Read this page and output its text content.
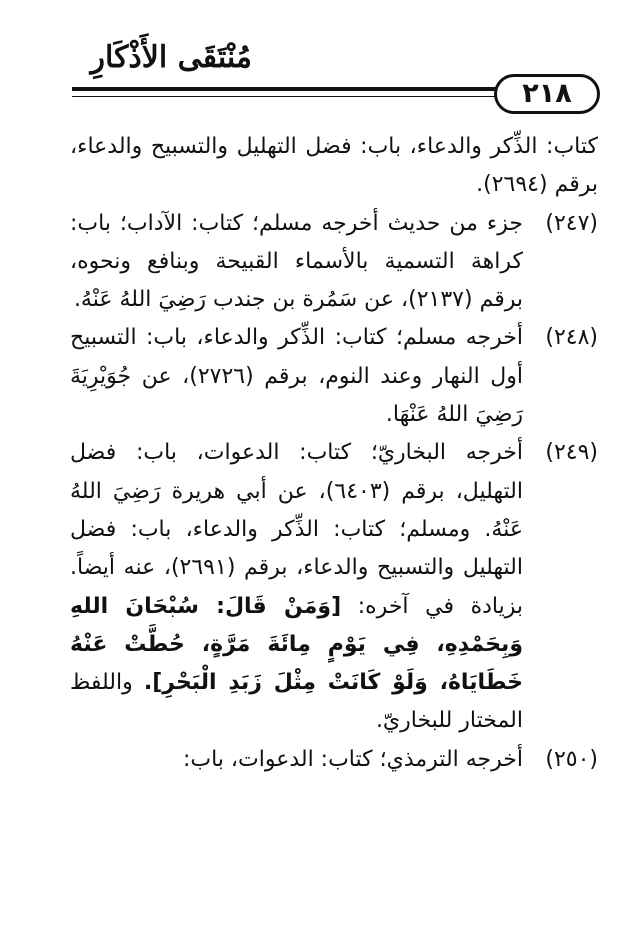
مُنْتَقَى الأَذْكَارِ
٢١٨

كتاب: الذِّكر والدعاء، باب: فضل التهليل والتسبيح والدعاء، برقم (٢٦٩٤).

(٢٤٧)
جزء من حديث أخرجه مسلم؛ كتاب: الآداب؛ باب: كراهة التسمية بالأسماء القبيحة وبنافع ونحوه، برقم (٢١٣٧)، عن سَمُرة بن جندب رَضِيَ اللهُ عَنْهُ.

(٢٤٨)
أخرجه مسلم؛ كتاب: الذِّكر والدعاء، باب: التسبيح أول النهار وعند النوم، برقم (٢٧٢٦)، عن جُوَيْرِيَةَ رَضِيَ اللهُ عَنْهَا.

(٢٤٩)
أخرجه البخاريّ؛ كتاب: الدعوات، باب: فضل التهليل، برقم (٦٤٠٣)، عن أبي هريرة رَضِيَ اللهُ عَنْهُ. ومسلم؛ كتاب: الذِّكر والدعاء، باب: فضل التهليل والتسبيح والدعاء، برقم (٢٦٩١)، عنه أيضاً. بزيادة في آخره: [وَمَنْ قَالَ: سُبْحَانَ اللهِ وَبِحَمْدِهِ، فِي يَوْمٍ مِائَةَ مَرَّةٍ، حُطَّتْ عَنْهُ خَطَايَاهُ، وَلَوْ كَانَتْ مِثْلَ زَبَدِ الْبَحْرِ]. واللفظ المختار للبخاريّ.

(٢٥٠)
أخرجه الترمذي؛ كتاب: الدعوات، باب:
